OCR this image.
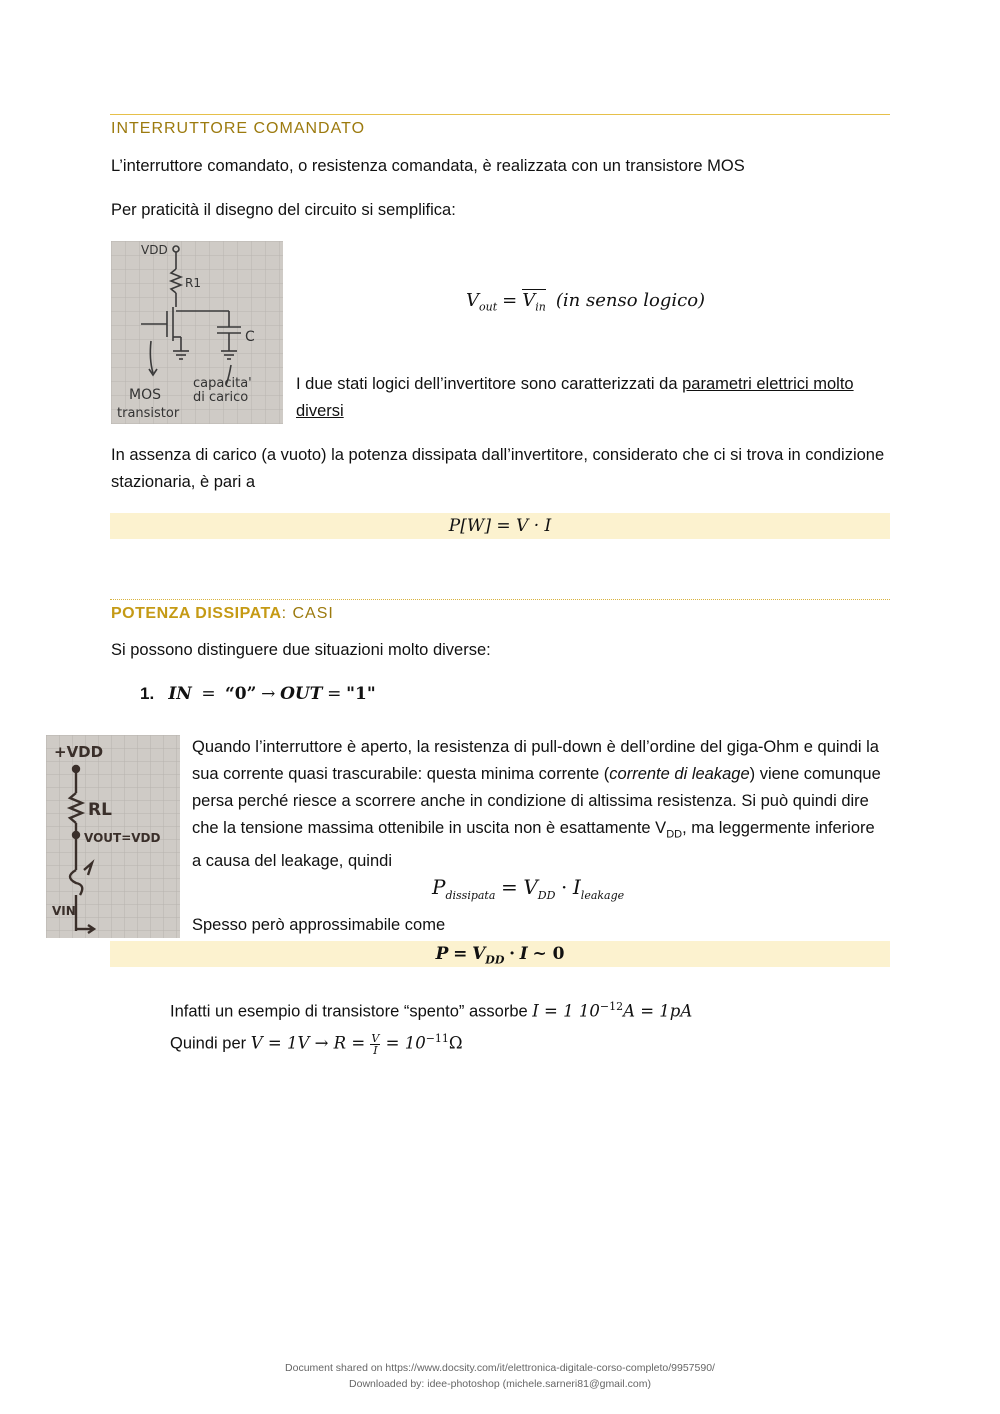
INTERRUTTORE COMANDATO
L’interruttore comandato, o resistenza comandata, è realizzata con un transistore MOS
Per praticità il disegno del circuito si semplifica:
VDD
R1
C
MOS
transistor
capacita'
di carico
$V_{out} = V_{in}$ (in senso logico)
I due stati logici dell’invertitore sono caratterizzati da parametri elettrici molto diversi
In assenza di carico (a vuoto) la potenza dissipata dall’invertitore, considerato che ci si trova in condizione stazionaria, è pari a
P[W] = V · I
POTENZA DISSIPATA: CASI
Si possono distinguere due situazioni molto diverse:
1. IN = “0” → OUT = "1"
+VDD
RL
VOUT=VDD
VIN
Quando l’interruttore è aperto, la resistenza di pull-down è dell’ordine del giga-Ohm e quindi la sua corrente quasi trascurabile: questa minima corrente (corrente di leakage) viene comunque persa perché riesce a scorrere anche in condizione di altissima resistenza. Si può quindi dire che la tensione massima ottenibile in uscita non è esattamente $V_{DD}$, ma leggermente inferiore a causa del leakage, quindi
$P_{dissipata} = V_{DD} \cdot I_{leakage}$
Spesso però approssimabile come
$P = V_{DD} \cdot I$ ~ 0
Infatti un esempio di transistore “spento” assorbe I = 1 $10^{-12}A = 1pA$
Quindi per $V = 1V \to R = \frac{V}{I} = 10^{-11}\Omega$
Document shared on https://www.docsity.com/it/elettronica-digitale-corso-completo/9957590/
Downloaded by: idee-photoshop (michele.sarneri81@gmail.com)
